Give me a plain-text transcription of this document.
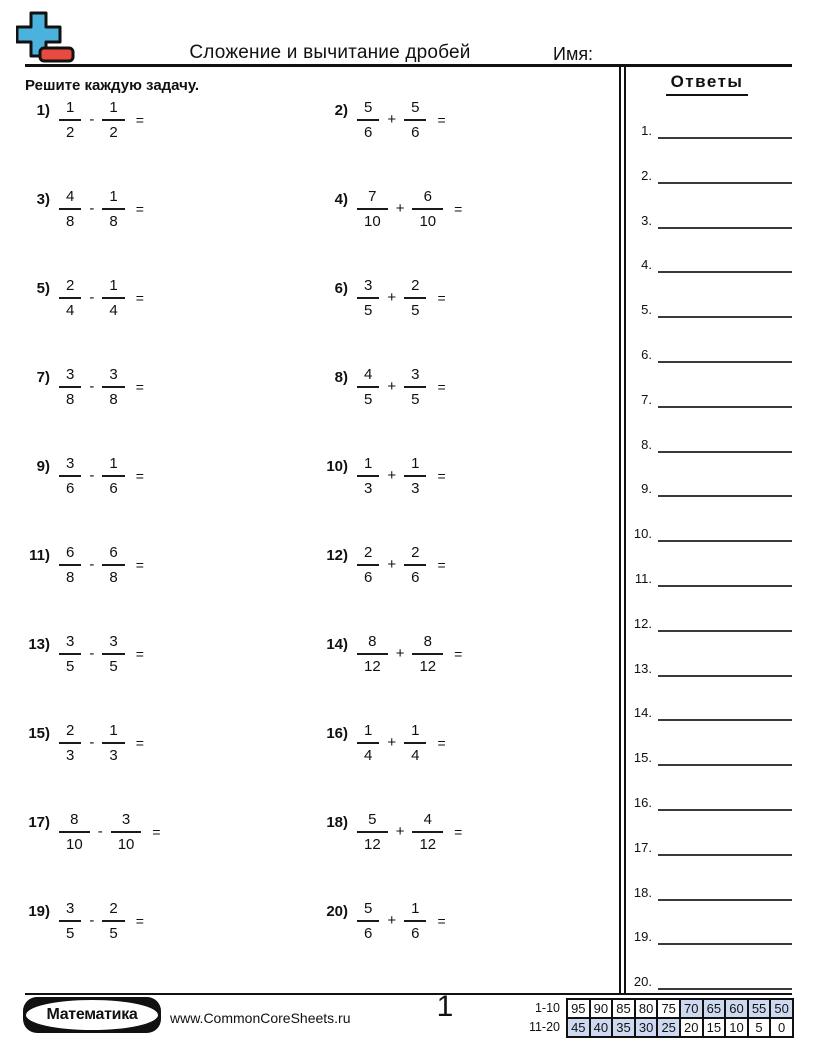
Сложение и вычитание дробей	Имя:
Решите каждую задачу.	Ответы
1.
2.
3.
4.
5.
6.
7.
8.
9.
10.
11.
12.
13.
14.
15.
16.
17.
18.
19.
20.
$1) \frac{1}{2} - \frac{1}{2}$ =
$2) \frac{5}{6} + \frac{5}{6}$ =
$3) \frac{4}{8} - \frac{1}{8}$ =
$4) \frac{7}{10} + \frac{6}{10}$ =
$5) \frac{2}{4} - \frac{1}{4}$ =
$6) \frac{3}{5} + \frac{2}{5}$ =
$7) \frac{3}{8} - \frac{3}{8}$ =
$8) \frac{4}{5} + \frac{3}{5}$ =
$9) \frac{3}{6} - \frac{1}{6}$ =
$10) \frac{1}{3} + \frac{1}{3}$ =
$11) \frac{6}{8} - \frac{6}{8}$ =
$12) \frac{2}{6} + \frac{2}{6}$ =
$13) \frac{3}{5} - \frac{3}{5}$ =
$14) \frac{8}{12} + \frac{8}{12}$ =
$15) \frac{2}{3} - \frac{1}{3}$ =
$16) \frac{1}{4} + \frac{1}{4}$ =
$17) \frac{8}{10} - \frac{3}{10}$ =
$18) \frac{5}{12} + \frac{4}{12}$ =
$19) \frac{3}{5} - \frac{2}{5}$ =
$20) \frac{5}{6} + \frac{1}{6}$ =
Математика www.CommonCoreSheets.ru	1	1-10
11-20
95	90	85	80	75	70	65	60	55	50
45	40	35	30	25	20	15	10	5	0
